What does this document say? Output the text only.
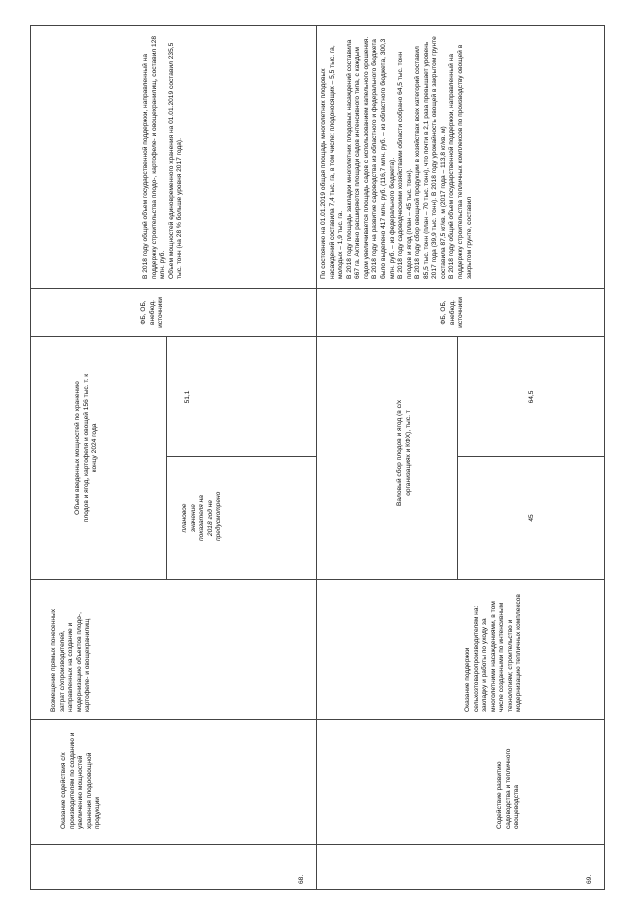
68.
Оказание содействия с/х производителям по созданию и увеличению мощностей хранения плодоовощной продукции
Возмещение прямых понесенных затрат с/хпроизводителей, направленных на создание и модернизацию объектов плодо-, картофеле- и овощехранилищ
Объем введенных мощностей по хранению плодов и ягод, картофеля и овощей 156 тыс. т. к концу 2024 года
плановое значение показателя на 2018 год не предусмотрено
51,1
ФБ, ОБ, внебюд. источники
В 2018 году общий объем государственной поддержки, направленный на поддержку строительства плодо-, картофеле- и овощехранилищ, составил 128 млн. руб.
Объем мощностей единовременного хранения на 01.01.2019 составил 235,5 тыс. тонн (на 28 % больше уровня 2017 года).
69.
Содействие развитию садоводства и тепличного овощеводства
Оказание поддержки сельхозтоваропроизводителям на: закладку и работы по уходу за многолетними насаждениями, в том числе созданными по интенсивным технологиям; строительство и модернизацию тепличных комплексов
Валовый сбор плодов и ягод (в с/х организациях и КФХ), тыс. т
45
64,5
ФБ, ОБ, внебюд. источники
По состоянию на 01.01.2019 общая площадь многолетних плодовых насаждений составила 7,4 тыс. га, в том числе: плодоносящих – 5,5 тыс. га, молодых – 1,9 тыс. га.
В 2018 году площадь закладки многолетних плодовых насаждений составила 667 га. Активно расширяются площади садов интенсивного типа, с каждым годом увеличивается площадь садов с использованием капельного орошения.
В 2018 году на развитие садоводства из областного и федерального бюджета было выделено 417 млн. руб. (116,7 млн. руб. – из областного бюджета, 300,3 млн. руб. – из федерального бюджета).
В 2018 году садоводческими хозяйствами области собрано 64,5 тыс. тонн плодов и ягод (план – 45 тыс. тонн).
В 2018 году сбор овощной продукции в хозяйствах всех категорий составил 85,5 тыс. тонн (план – 70 тыс. тонн), что почти в 2,1 раза превышает уровень 2017 года (39,9 тыс. тонн). В 2018 году урожайность овощей в закрытом грунте составила 87,5 кг/кв. м (2017 года – 113,8 кг/кв. м)
В 2018 году общий объем государственной поддержки, направленный на поддержку строительства тепличных комплексов по производству овощей в закрытом грунте, составил
